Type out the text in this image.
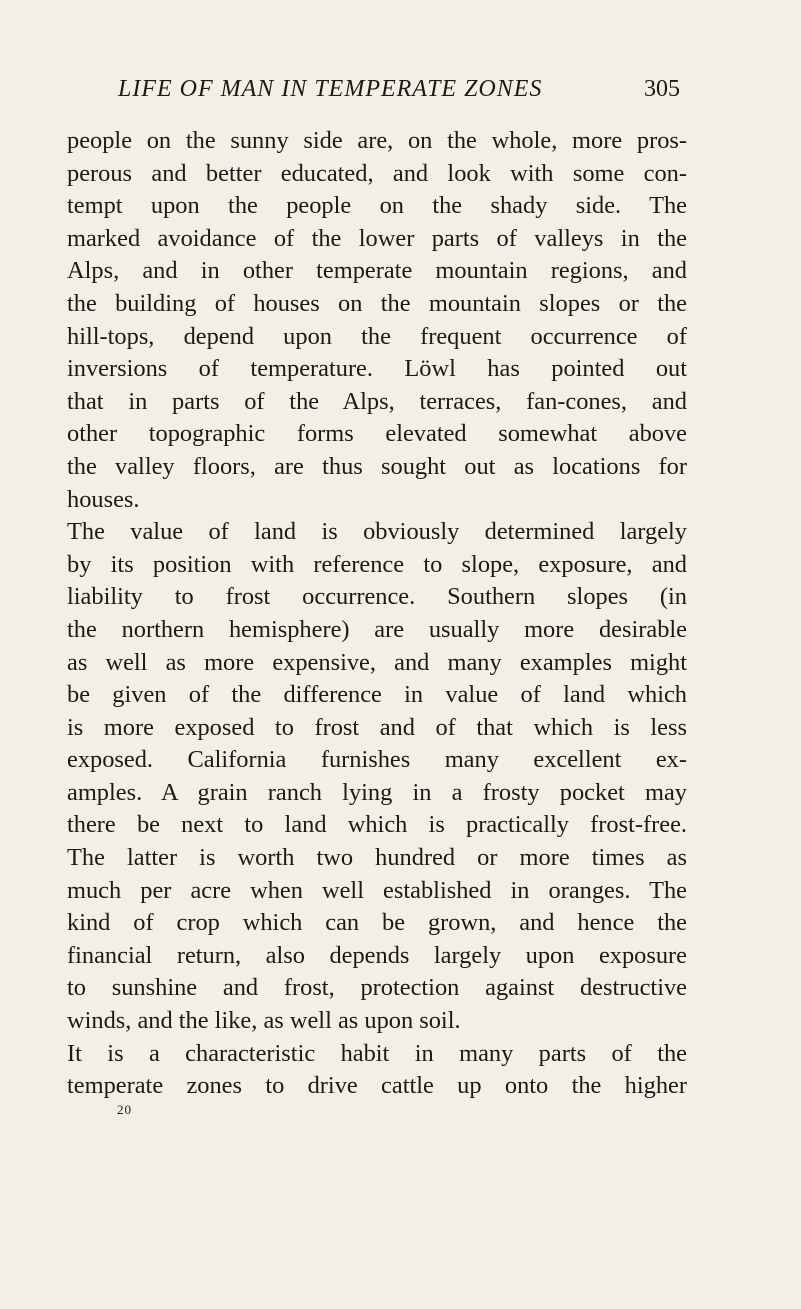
LIFE OF MAN IN TEMPERATE ZONES	305
people on the sunny side are, on the whole, more pros-
perous and better educated, and look with some con-
tempt upon the people on the shady side. The
marked avoidance of the lower parts of valleys in the
Alps, and in other temperate mountain regions, and
the building of houses on the mountain slopes or the
hill-tops, depend upon the frequent occurrence of
inversions of temperature. Löwl has pointed out
that in parts of the Alps, terraces, fan-cones, and
other topographic forms elevated somewhat above
the valley floors, are thus sought out as locations for
houses.
The value of land is obviously determined largely
by its position with reference to slope, exposure, and
liability to frost occurrence. Southern slopes (in
the northern hemisphere) are usually more desirable
as well as more expensive, and many examples might
be given of the difference in value of land which
is more exposed to frost and of that which is less
exposed. California furnishes many excellent ex-
amples. A grain ranch lying in a frosty pocket may
there be next to land which is practically frost-free.
The latter is worth two hundred or more times as
much per acre when well established in oranges. The
kind of crop which can be grown, and hence the
financial return, also depends largely upon exposure
to sunshine and frost, protection against destructive
winds, and the like, as well as upon soil.
It is a characteristic habit in many parts of the
temperate zones to drive cattle up onto the higher
20
